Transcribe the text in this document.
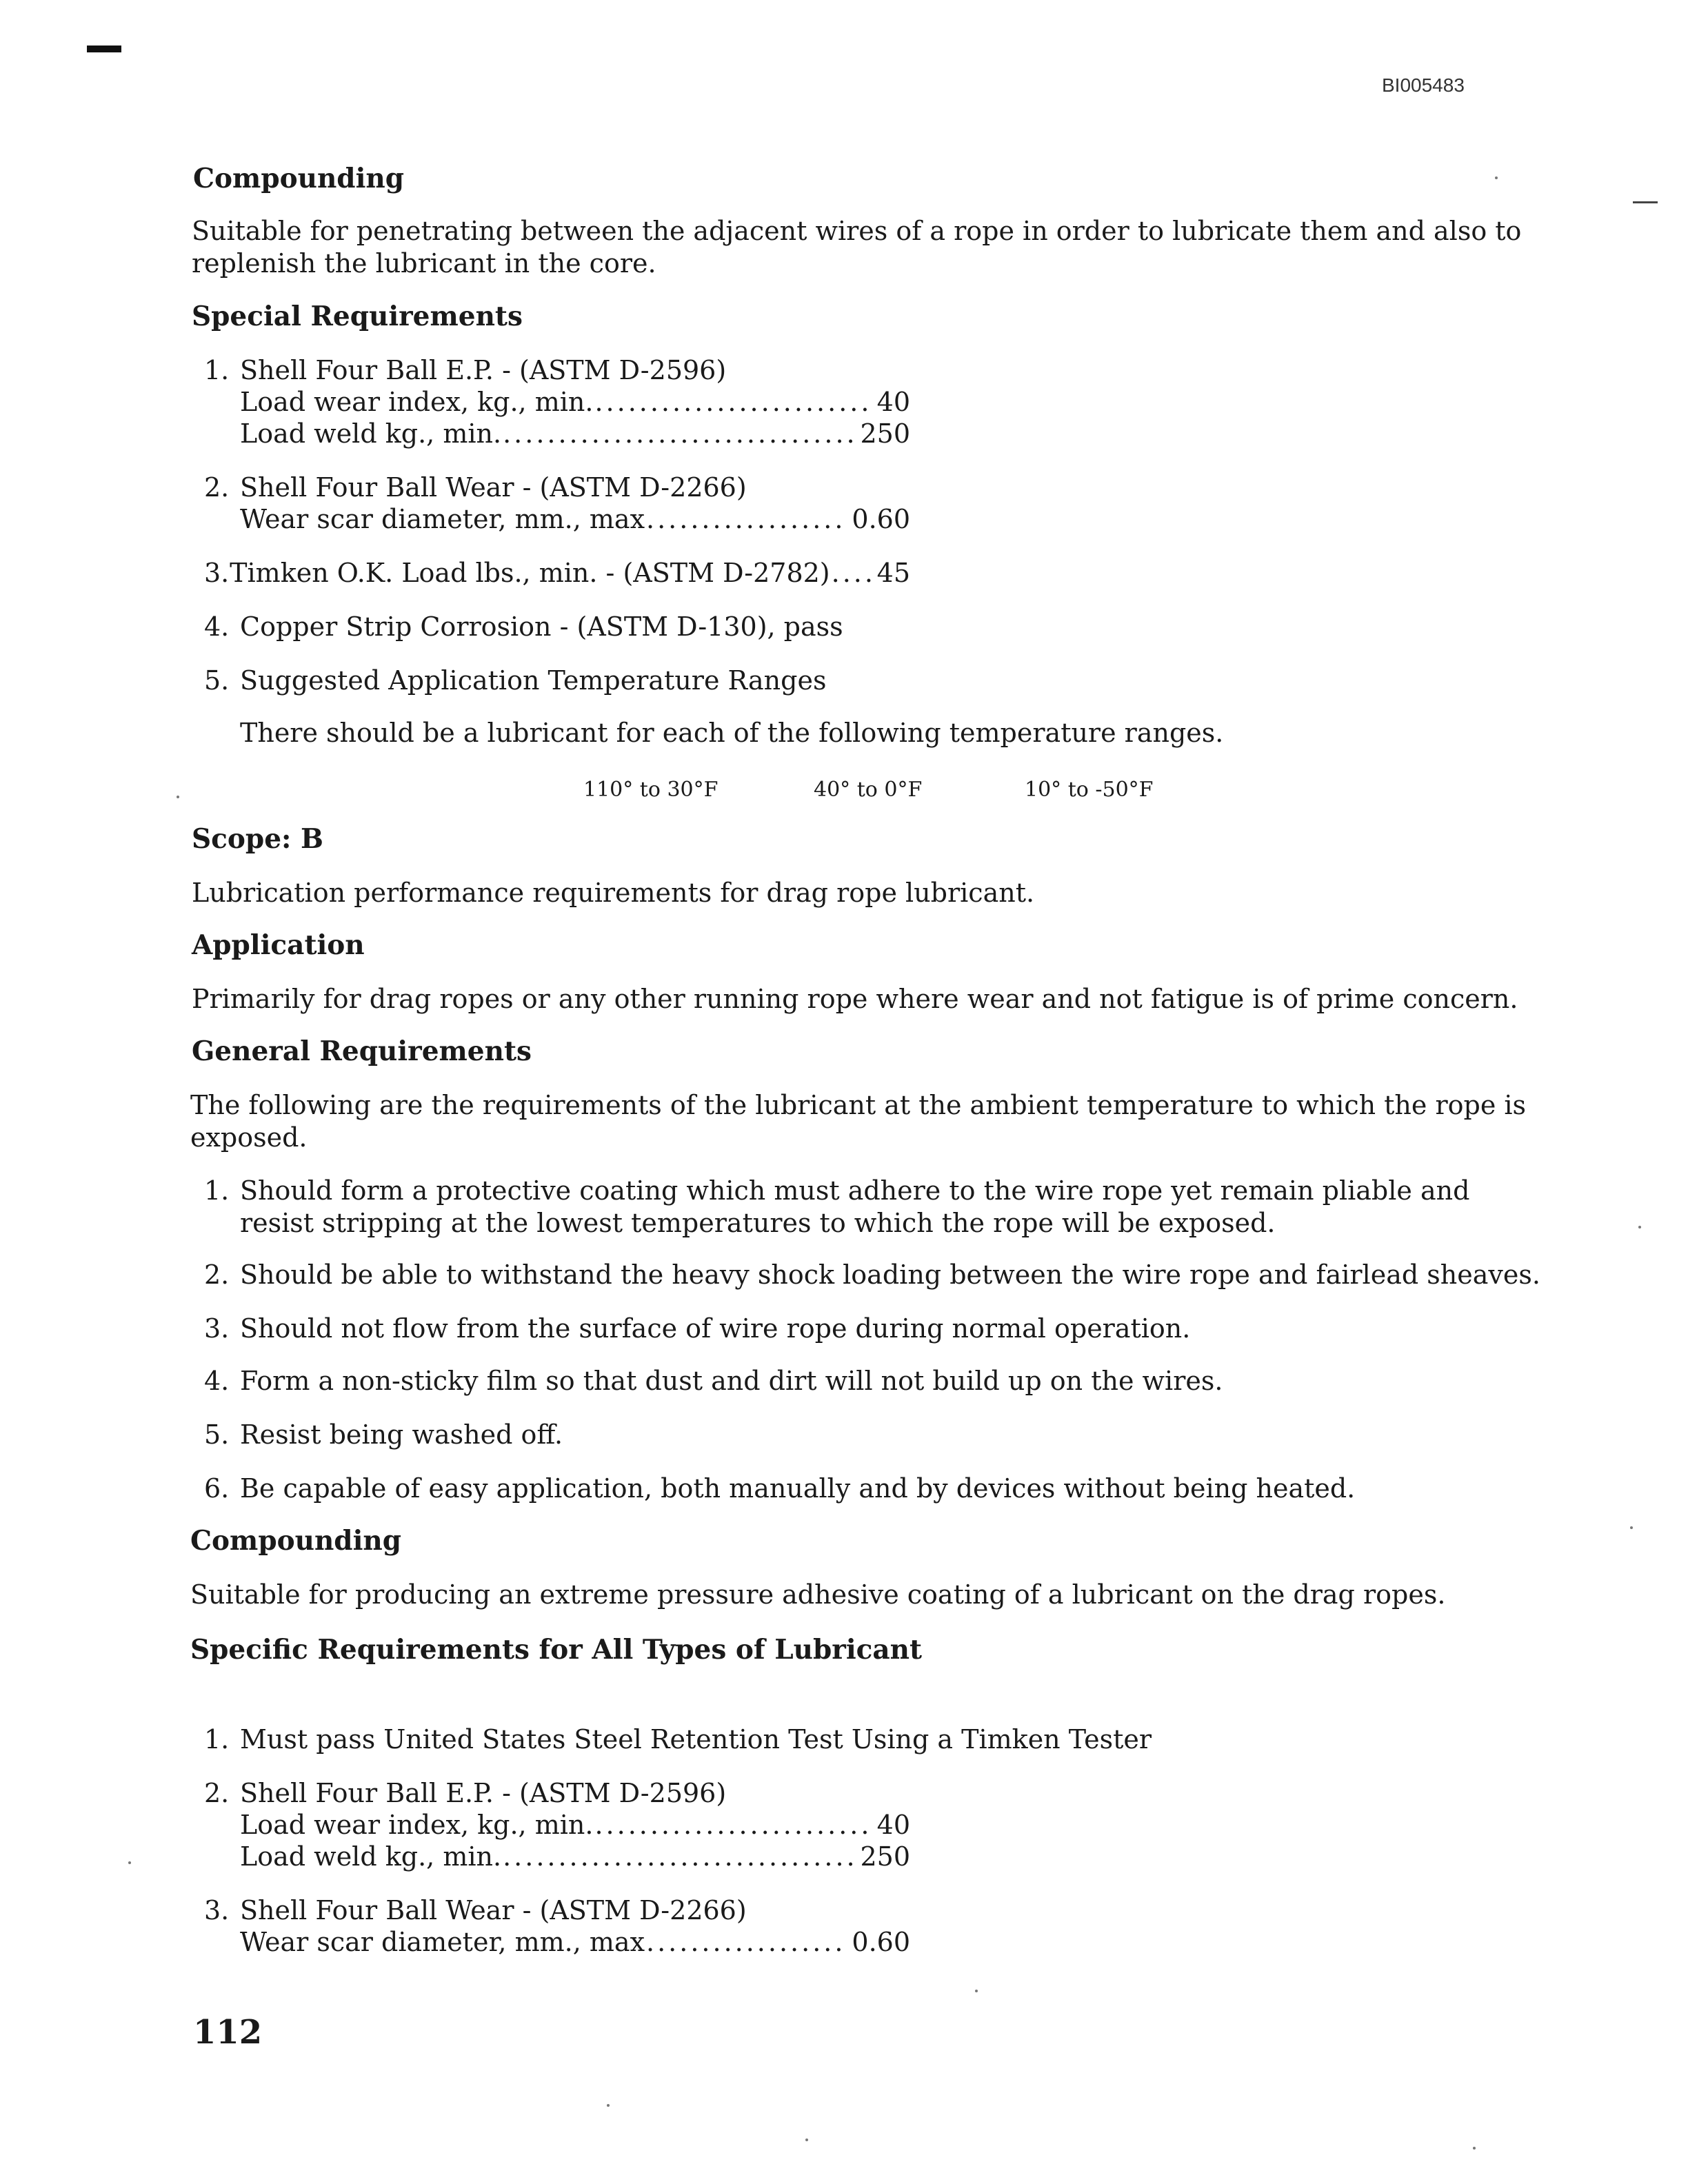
BI005483
Compounding

Suitable for penetrating between the adjacent wires of a rope in order to lubricate them and also to replenish the lubricant in the core.

Special Requirements
1. Shell Four Ball E.P. - (ASTM D-2596)
Load wear index, kg., min. .....	40
Load weld kg., min. .....	250
2. Shell Four Ball Wear - (ASTM D-2266)
Wear scar diameter, mm., max .....	0.60
3. Timken O.K. Load lbs., min. - (ASTM D-2782) ..... 45
4. Copper Strip Corrosion - (ASTM D-130), pass
5. Suggested Application Temperature Ranges
There should be a lubricant for each of the following temperature ranges.
110° to 30°F	40° to 0°F	10° to -50°F
Scope: B
Lubrication performance requirements for drag rope lubricant.
Application
Primarily for drag ropes or any other running rope where wear and not fatigue is of prime concern.
General Requirements

The following are the requirements of the lubricant at the ambient temperature to which the rope is exposed.

1. Should form a protective coating which must adhere to the wire rope yet remain pliable and resist stripping at the lowest temperatures to which the rope will be exposed.

2. Should be able to withstand the heavy shock loading between the wire rope and fairlead sheaves.
3. Should not flow from the surface of wire rope during normal operation.
4. Form a non-sticky film so that dust and dirt will not build up on the wires.
5. Resist being washed off.
6. Be capable of easy application, both manually and by devices without being heated.
Compounding
Suitable for producing an extreme pressure adhesive coating of a lubricant on the drag ropes.
Specific Requirements for All Types of Lubricant
1. Must pass United States Steel Retention Test Using a Timken Tester
2. Shell Four Ball E.P. - (ASTM D-2596)
Load wear index, kg., min. .....	40
Load weld kg., min. .....	250
3. Shell Four Ball Wear - (ASTM D-2266)
Wear scar diameter, mm., max .....	0.60
112
